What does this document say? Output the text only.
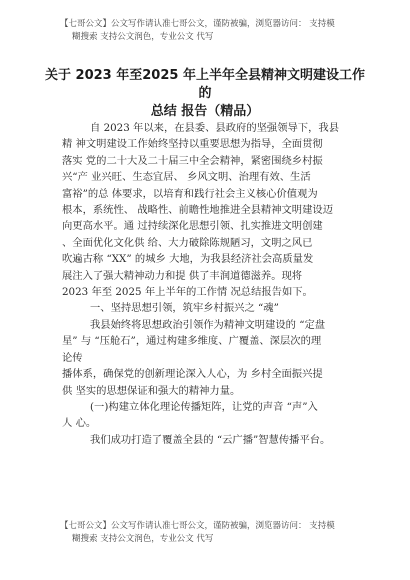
【七哥公文】公文写作请认准七哥公文，谨防被骗，浏览器访问： 支持模
糊搜索 支持公文润色，专业公文 代写
关于 2023 年至2025 年上半年全县精神文明建设工作的
总结 报告（精品）

自 2023 年以来，在县委、县政府的坚强领导下，我县
精 神文明建设工作始终坚持以重要思想为指导，全面贯彻
落实 党的二十大及二十届三中全会精神，紧密围绕乡村振
兴“产 业兴旺、生态宜居、 乡风文明、治理有效、生活
富裕”的总 体要求，以培育和践行社会主义核心价值观为
根本，系统性、 战略性、前瞻性地推进全县精神文明建设迈
向更高水平。通 过持续深化思想引领、扎实推进文明创建
、全面优化文化供 给、大力破除陈规陋习，文明之风已
吹遍古称 “XX” 的城乡 大地，为我县经济社会高质量发
展注入了强大精神动力和提 供了丰润道德滋养。现将
2023 年至 2025 年上半年的工作情 况总结报告如下。

一、坚持思想引领，筑牢乡村振兴之 “魂”

我县始终将思想政治引领作为精神文明建设的 “定盘
星” 与 “压舱石”，通过构建多维度、广覆盖、深层次的理
论传
播体系，确保党的创新理论深入人心，为 乡村全面振兴提
供 坚实的思想保证和强大的精神力量。

(一)构建立体化理论传播矩阵，让党的声音 “声”入
人 心。

我们成功打造了覆盖全县的 “云广播”智慧传播平台。

【七哥公文】公文写作请认准七哥公文，谨防被骗，浏览器访问： 支持模
糊搜索 支持公文润色，专业公文 代写
